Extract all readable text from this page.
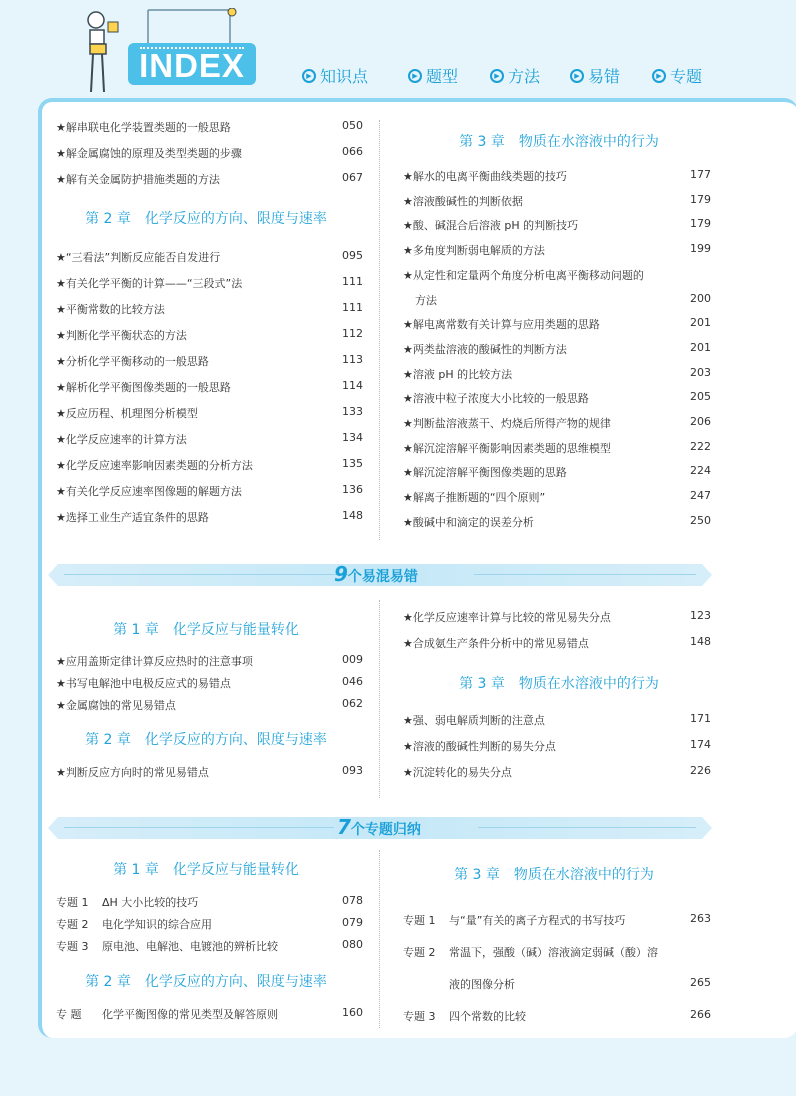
INDEX	▶ 知识点	▶ 题型	▶ 方法	▶ 易错	▶ 专题
★解串联电化学装置类题的一般思路	050
★解金属腐蚀的原理及类型类题的步骤	066
★解有关金属防护措施类题的方法	067
第 2 章　化学反应的方向、限度与速率
★“三看法”判断反应能否自发进行	095
★有关化学平衡的计算——“三段式”法	111
★平衡常数的比较方法	111
★判断化学平衡状态的方法	112
★分析化学平衡移动的一般思路	113
★解析化学平衡图像类题的一般思路	114
★反应历程、机理图分析模型	133
★化学反应速率的计算方法	134
★化学反应速率影响因素类题的分析方法	135
★有关化学反应速率图像题的解题方法	136
★选择工业生产适宜条件的思路	148
第 3 章　物质在水溶液中的行为
★解水的电离平衡曲线类题的技巧	177
★溶液酸碱性的判断依据	179
★酸、碱混合后溶液 pH 的判断技巧	179
★多角度判断弱电解质的方法	199
★从定性和定量两个角度分析电离平衡移动问题的
方法	200
★解电离常数有关计算与应用类题的思路	201
★两类盐溶液的酸碱性的判断方法	201
★溶液 pH 的比较方法	203
★溶液中粒子浓度大小比较的一般思路	205
★判断盐溶液蒸干、灼烧后所得产物的规律	206
★解沉淀溶解平衡影响因素类题的思维模型	222
★解沉淀溶解平衡图像类题的思路	224
★解离子推断题的“四个原则”	247
★酸碱中和滴定的误差分析	250
9个易混易错
第 1 章　化学反应与能量转化
★应用盖斯定律计算反应热时的注意事项	009
★书写电解池中电极反应式的易错点	046
★金属腐蚀的常见易错点	062
第 2 章　化学反应的方向、限度与速率
★判断反应方向时的常见易错点	093
★化学反应速率计算与比较的常见易失分点	123
★合成氨生产条件分析中的常见易错点	148
第 3 章　物质在水溶液中的行为
★强、弱电解质判断的注意点	171
★溶液的酸碱性判断的易失分点	174
★沉淀转化的易失分点	226
7个专题归纳
第 1 章　化学反应与能量转化
专题 1 ΔH 大小比较的技巧	078
专题 2 电化学知识的综合应用	079
专题 3 原电池、电解池、电镀池的辨析比较	080
第 2 章　化学反应的方向、限度与速率
专 题 化学平衡图像的常见类型及解答原则	160
第 3 章　物质在水溶液中的行为
专题 1 与“量”有关的离子方程式的书写技巧	263
专题 2 常温下，强酸（碱）溶液滴定弱碱（酸）溶
液的图像分析	265
专题 3 四个常数的比较	266
